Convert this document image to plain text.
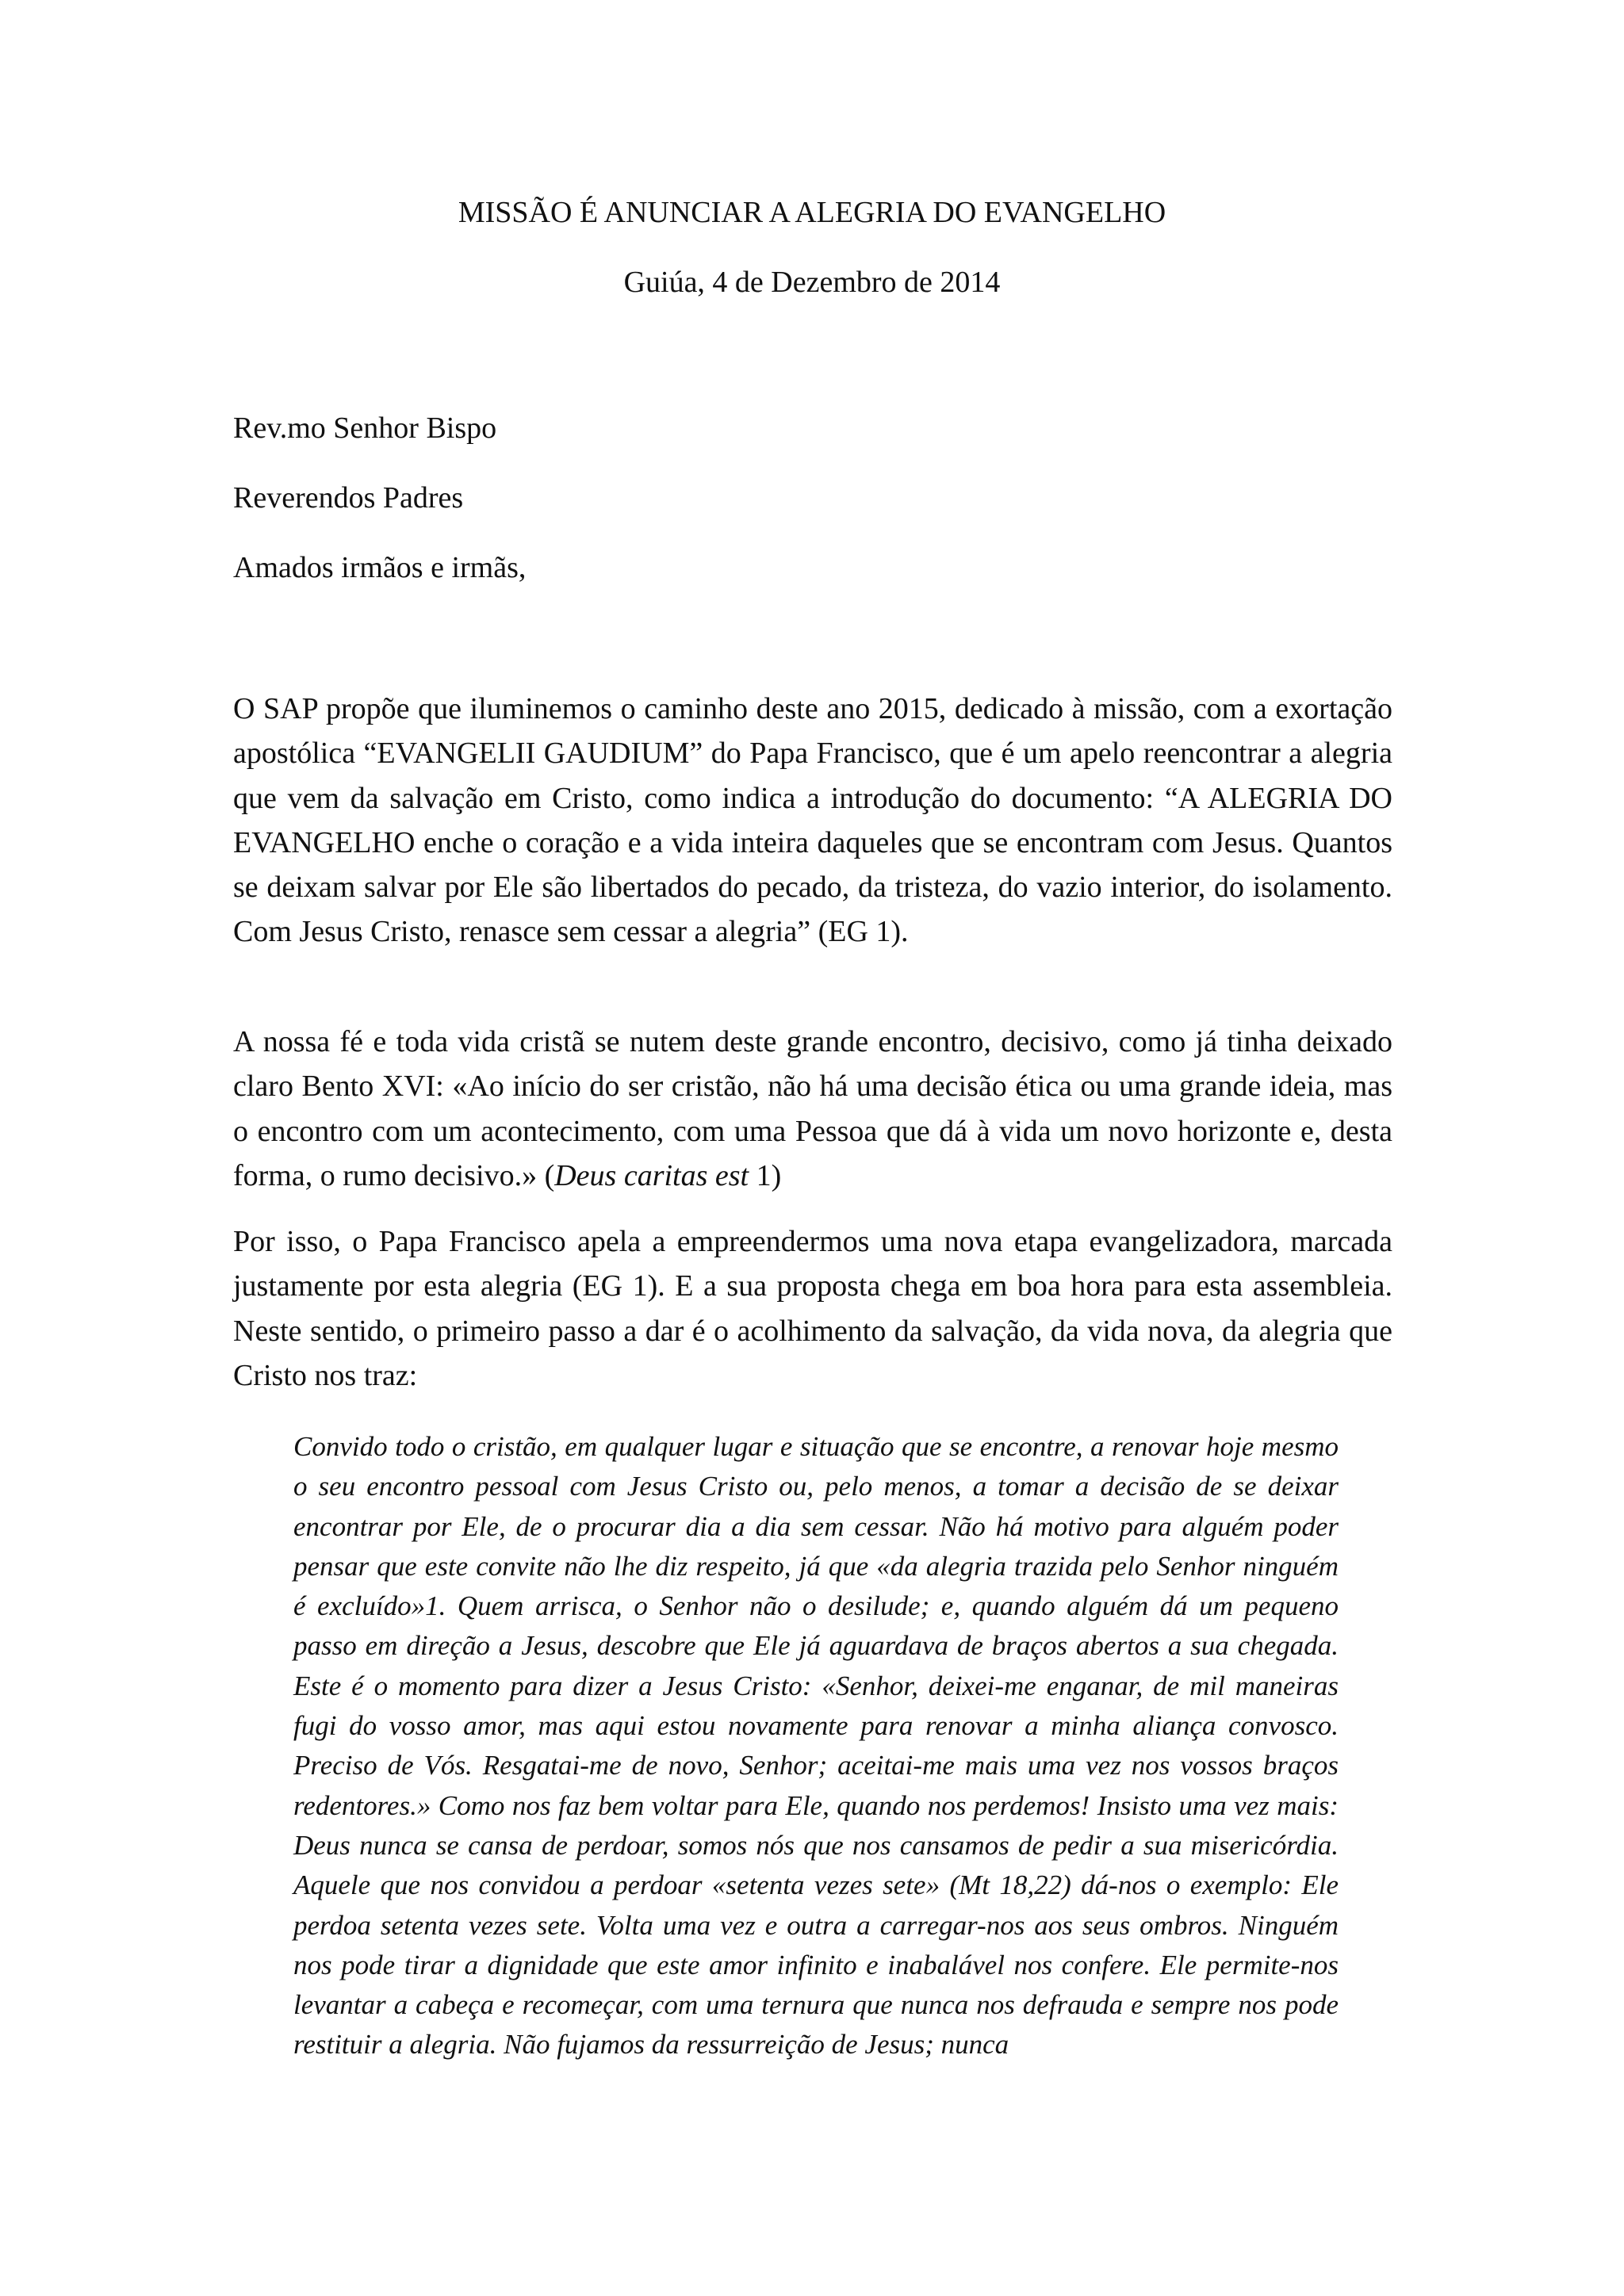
MISSÃO É ANUNCIAR A ALEGRIA DO EVANGELHO

Guiúa, 4 de Dezembro de 2014

Rev.mo Senhor Bispo

Reverendos Padres

Amados irmãos e irmãs,

O SAP propõe que iluminemos o caminho deste ano 2015, dedicado à missão, com a exortação apostólica “EVANGELII GAUDIUM” do Papa Francisco, que é um apelo reencontrar a alegria que vem da salvação em Cristo, como indica a introdução do documento: “A ALEGRIA DO EVANGELHO enche o coração e a vida inteira daqueles que se encontram com Jesus. Quantos se deixam salvar por Ele são libertados do pecado, da tristeza, do vazio interior, do isolamento. Com Jesus Cristo, renasce sem cessar a alegria” (EG 1).

A nossa fé e toda vida cristã se nutem deste grande encontro, decisivo, como já tinha deixado claro Bento XVI: «Ao início do ser cristão, não há uma decisão ética ou uma grande ideia, mas o encontro com um acontecimento, com uma Pessoa que dá à vida um novo horizonte e, desta forma, o rumo decisivo.» (Deus caritas est 1)

Por isso, o Papa Francisco apela a empreendermos uma nova etapa evangelizadora, marcada justamente por esta alegria (EG 1). E a sua proposta chega em boa hora para esta assembleia. Neste sentido, o primeiro passo a dar é o acolhimento da salvação, da vida nova, da alegria que Cristo nos traz:

Convido todo o cristão, em qualquer lugar e situação que se encontre, a renovar hoje mesmo o seu encontro pessoal com Jesus Cristo ou, pelo menos, a tomar a decisão de se deixar encontrar por Ele, de o procurar dia a dia sem cessar. Não há motivo para alguém poder pensar que este convite não lhe diz respeito, já que «da alegria trazida pelo Senhor ninguém é excluído»1. Quem arrisca, o Senhor não o desilude; e, quando alguém dá um pequeno passo em direção a Jesus, descobre que Ele já aguardava de braços abertos a sua chegada. Este é o momento para dizer a Jesus Cristo: «Senhor, deixei-me enganar, de mil maneiras fugi do vosso amor, mas aqui estou novamente para renovar a minha aliança convosco. Preciso de Vós. Resgatai-me de novo, Senhor; aceitai-me mais uma vez nos vossos braços redentores.» Como nos faz bem voltar para Ele, quando nos perdemos! Insisto uma vez mais: Deus nunca se cansa de perdoar, somos nós que nos cansamos de pedir a sua misericórdia. Aquele que nos convidou a perdoar «setenta vezes sete» (Mt 18,22) dá-nos o exemplo: Ele perdoa setenta vezes sete. Volta uma vez e outra a carregar-nos aos seus ombros. Ninguém nos pode tirar a dignidade que este amor infinito e inabalável nos confere. Ele permite-nos levantar a cabeça e recomeçar, com uma ternura que nunca nos defrauda e sempre nos pode restituir a alegria. Não fujamos da ressurreição de Jesus; nunca
